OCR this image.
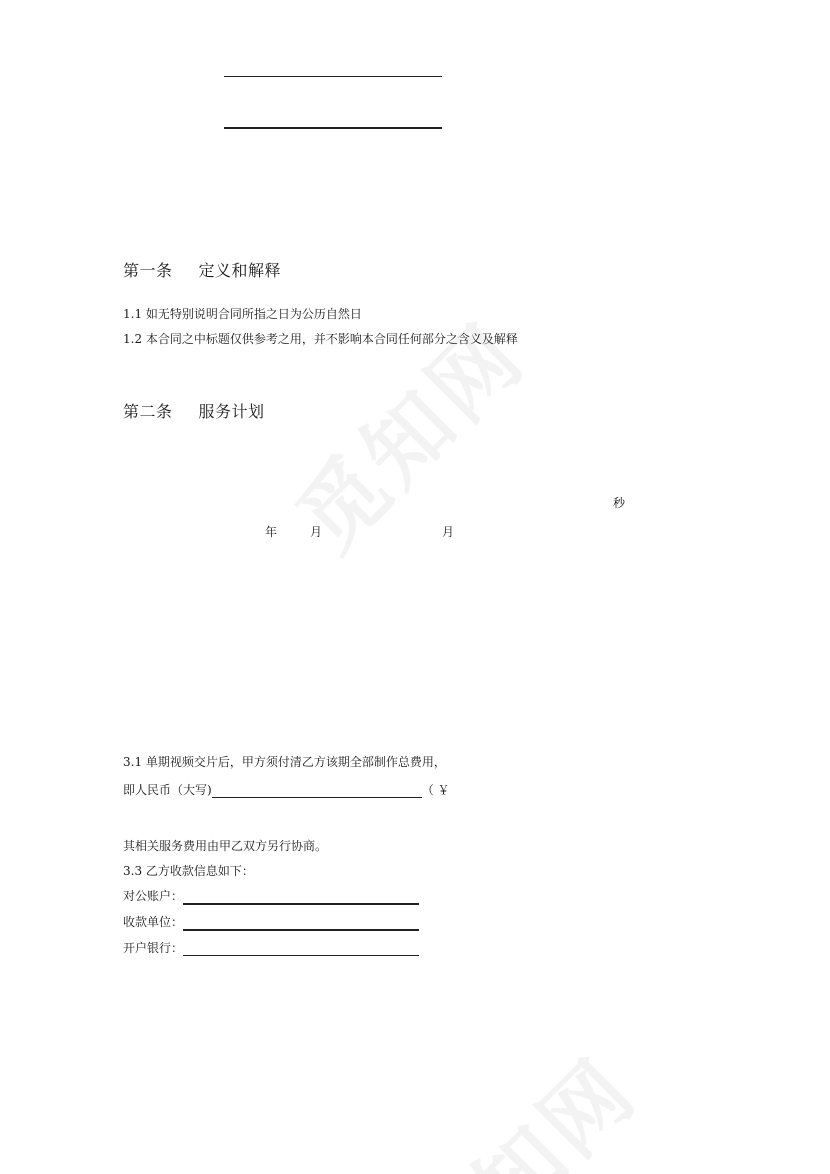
第一条 定义和解释
1.1 如无特别说明合同所指之日为公历自然日
1.2 本合同之中标题仅供参考之用，并不影响本合同任何部分之含义及解释
第二条 服务计划
秒
年	月	月
3.1 单期视频交片后，甲方须付清乙方该期全部制作总费用，
即人民币（大写)	（ ￥
其相关服务费用由甲乙双方另行协商。
3.3 乙方收款信息如下：
对公账户：
收款单位：
开户银行：
